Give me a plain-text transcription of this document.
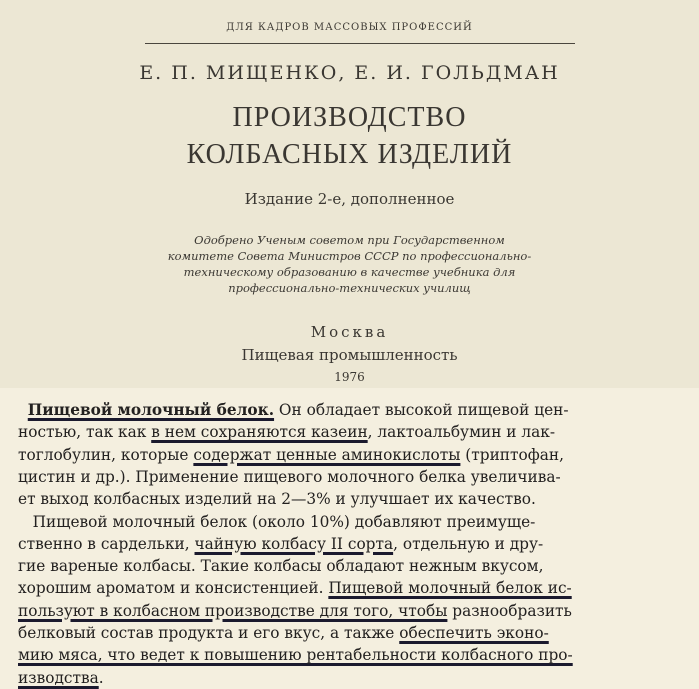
ДЛЯ КАДРОВ МАССОВЫХ ПРОФЕССИЙ
Е. П. МИЩЕНКО, Е. И. ГОЛЬДМАН
ПРОИЗВОДСТВО
КОЛБАСНЫХ ИЗДЕЛИЙ
Издание 2-е, дополненное
Одобрено Ученым советом при Государственном
комитете Совета Министров СССР по профессионально-
техническому образованию в качестве учебника для
профессионально-технических училищ
Москва
Пищевая промышленность
1976
Пищевой молочный белок. Он обладает высокой пищевой цен-
ностью, так как в нем сохраняются казеин, лактоальбумин и лак-
тоглобулин, которые содержат ценные аминокислоты (триптофан,
цистин и др.). Применение пищевого молочного белка увеличива-
ет выход колбасных изделий на 2—3% и улучшает их качество.
Пищевой молочный белок (около 10%) добавляют преимуще-
ственно в сардельки, чайную колбасу II сорта, отдельную и дру-
гие вареные колбасы. Такие колбасы обладают нежным вкусом,
хорошим ароматом и консистенцией. Пищевой молочный белок ис-
пользуют в колбасном производстве для того, чтобы разнообразить
белковый состав продукта и его вкус, а также обеспечить эконо-
мию мяса, что ведет к повышению рентабельности колбасного про-
изводства.
